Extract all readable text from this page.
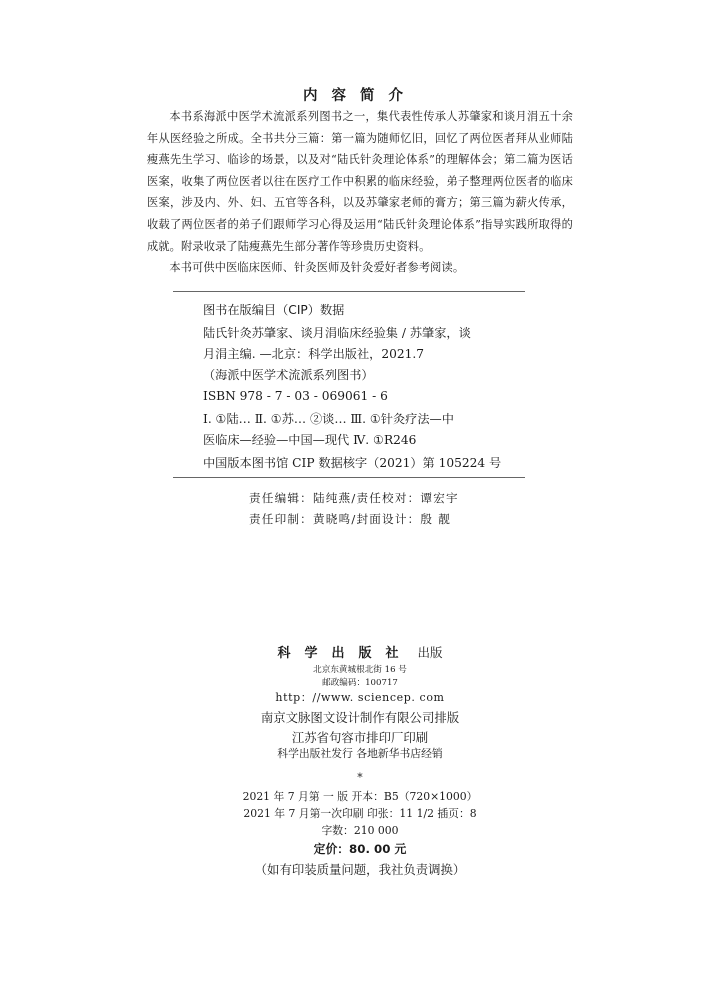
内容简介

本书系海派中医学术流派系列图书之一，集代表性传承人苏肇家和谈月涓五十余年从医经验之所成。全书共分三篇：第一篇为随师忆旧，回忆了两位医者拜从业师陆瘦燕先生学习、临诊的场景，以及对“陆氏针灸理论体系”的理解体会；第二篇为医话医案，收集了两位医者以往在医疗工作中积累的临床经验，弟子整理两位医者的临床医案，涉及内、外、妇、五官等各科，以及苏肇家老师的膏方；第三篇为薪火传承，收载了两位医者的弟子们跟师学习心得及运用“陆氏针灸理论体系”指导实践所取得的成就。附录收录了陆瘦燕先生部分著作等珍贵历史资料。

本书可供中医临床医师、针灸医师及针灸爱好者参考阅读。

图书在版编目（CIP）数据
陆氏针灸苏肇家、谈月涓临床经验集 / 苏肇家，谈
月涓主编. —北京：科学出版社，2021.7
（海派中医学术流派系列图书）
ISBN 978 - 7 - 03 - 069061 - 6
Ⅰ. ①陆… Ⅱ. ①苏… ②谈… Ⅲ. ①针灸疗法—中
医临床—经验—中国—现代 Ⅳ. ①R246
中国版本图书馆 CIP 数据核字（2021）第 105224 号
责任编辑：陆纯燕/责任校对：谭宏宇
责任印制：黄晓鸣/封面设计：殷 靓
科学出版社 出版
北京东黄城根北街 16 号
邮政编码：100717
http：//www. sciencep. com
南京文脉图文设计制作有限公司排版
江苏省句容市排印厂印刷
科学出版社发行 各地新华书店经销
*
2021 年 7 月第 一 版 开本：B5（720×1000）
2021 年 7 月第一次印刷 印张：11 1/2 插页：8
字数：210 000
定价：80. 00 元
（如有印装质量问题，我社负责调换）
